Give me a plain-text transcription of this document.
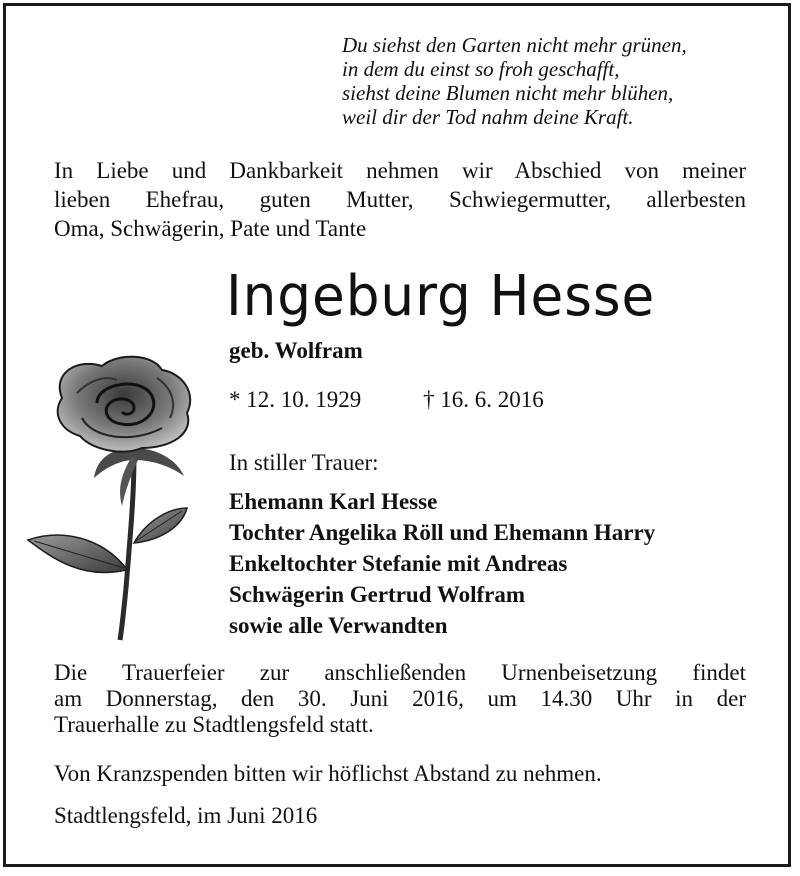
Du siehst den Garten nicht mehr grünen,
in dem du einst so froh geschafft,
siehst deine Blumen nicht mehr blühen,
weil dir der Tod nahm deine Kraft.
In Liebe und Dankbarkeit nehmen wir Abschied von meiner
lieben Ehefrau, guten Mutter, Schwiegermutter, allerbesten
Oma, Schwägerin, Pate und Tante
Ingeburg Hesse
geb. Wolfram
* 12. 10. 1929	† 16. 6. 2016
In stiller Trauer:
Ehemann Karl Hesse
Tochter Angelika Röll und Ehemann Harry
Enkeltochter Stefanie mit Andreas
Schwägerin Gertrud Wolfram
sowie alle Verwandten
Die Trauerfeier zur anschließenden Urnenbeisetzung findet
am Donnerstag, den 30. Juni 2016, um 14.30 Uhr in der
Trauerhalle zu Stadtlengsfeld statt.
Von Kranzspenden bitten wir höflichst Abstand zu nehmen.
Stadtlengsfeld, im Juni 2016
